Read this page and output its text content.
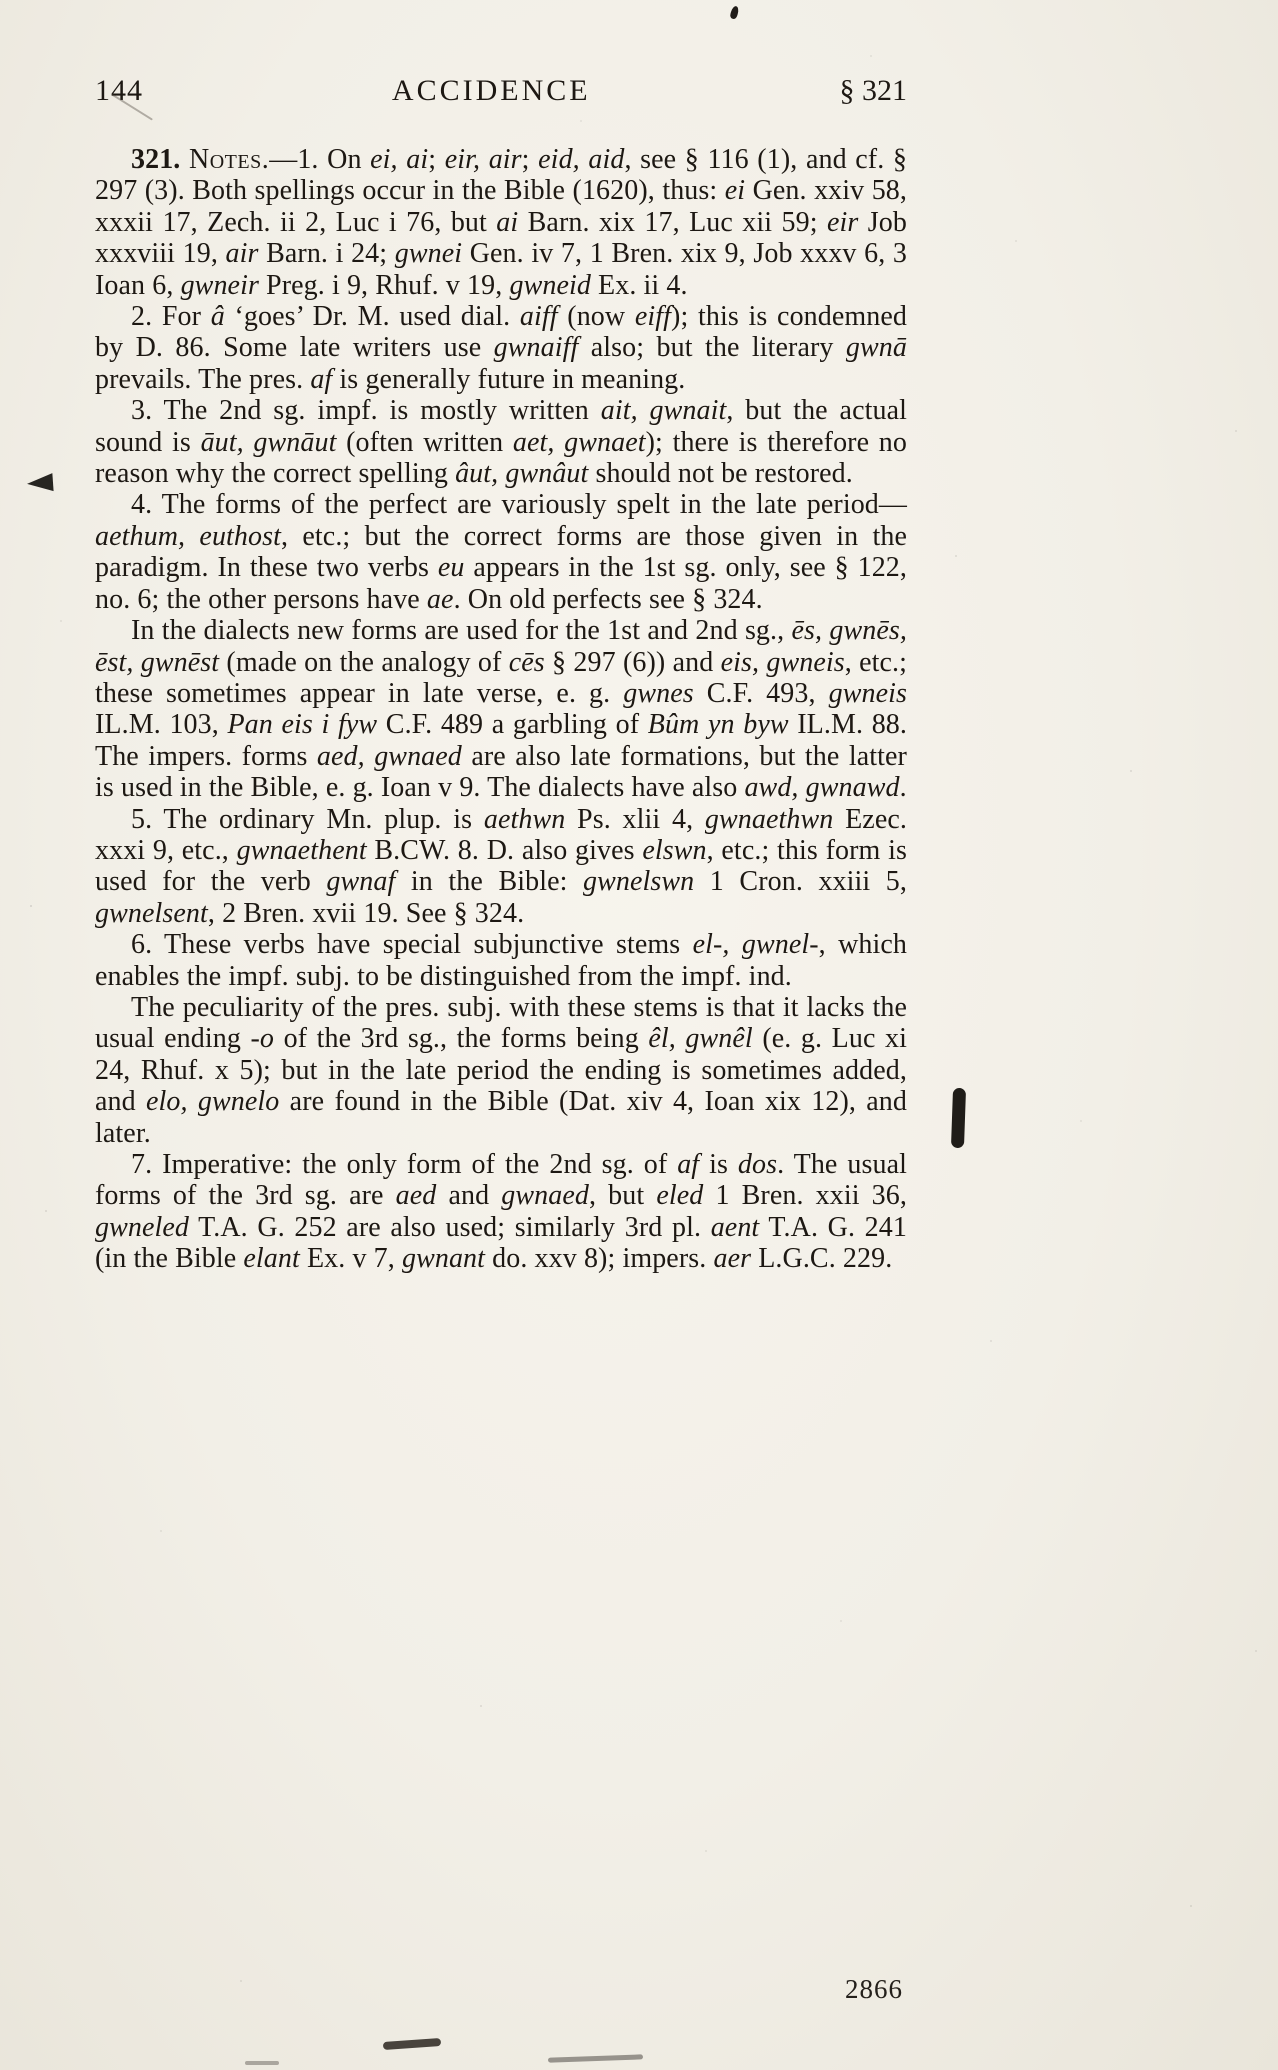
144	ACCIDENCE	§ 321

321. Notes.—1. On ei, ai; eir, air; eid, aid, see § 116 (1), and cf. § 297 (3). Both spellings occur in the Bible (1620), thus: ei Gen. xxiv 58, xxxii 17, Zech. ii 2, Luc i 76, but ai Barn. xix 17, Luc xii 59; eir Job xxxviii 19, air Barn. i 24; gwnei Gen. iv 7, 1 Bren. xix 9, Job xxxv 6, 3 Ioan 6, gwneir Preg. i 9, Rhuf. v 19, gwneid Ex. ii 4.

2. For â ‘goes’ Dr. M. used dial. aiff (now eiff); this is condemned by D. 86. Some late writers use gwnaiff also; but the literary gwnā prevails. The pres. af is generally future in meaning.

3. The 2nd sg. impf. is mostly written ait, gwnait, but the actual sound is āut, gwnāut (often written aet, gwnaet); there is therefore no reason why the correct spelling âut, gwnâut should not be restored.

4. The forms of the perfect are variously spelt in the late period—aethum, euthost, etc.; but the correct forms are those given in the paradigm. In these two verbs eu appears in the 1st sg. only, see § 122, no. 6; the other persons have ae. On old perfects see § 324.

In the dialects new forms are used for the 1st and 2nd sg., ēs, gwnēs, ēst, gwnēst (made on the analogy of cēs § 297 (6)) and eis, gwneis, etc.; these sometimes appear in late verse, e. g. gwnes C.F. 493, gwneis IL.M. 103, Pan eis i fyw C.F. 489 a garbling of Bûm yn byw IL.M. 88. The impers. forms aed, gwnaed are also late formations, but the latter is used in the Bible, e. g. Ioan v 9. The dialects have also awd, gwnawd.

5. The ordinary Mn. plup. is aethwn Ps. xlii 4, gwnaethwn Ezec. xxxi 9, etc., gwnaethent B.CW. 8. D. also gives elswn, etc.; this form is used for the verb gwnaf in the Bible: gwnelswn 1 Cron. xxiii 5, gwnelsent, 2 Bren. xvii 19. See § 324.

6. These verbs have special subjunctive stems el-, gwnel-, which enables the impf. subj. to be distinguished from the impf. ind.

The peculiarity of the pres. subj. with these stems is that it lacks the usual ending -o of the 3rd sg., the forms being êl, gwnêl (e. g. Luc xi 24, Rhuf. x 5); but in the late period the ending is sometimes added, and elo, gwnelo are found in the Bible (Dat. xiv 4, Ioan xix 12), and later.

7. Imperative: the only form of the 2nd sg. of af is dos. The usual forms of the 3rd sg. are aed and gwnaed, but eled 1 Bren. xxii 36, gwneled T.A. G. 252 are also used; similarly 3rd pl. aent T.A. G. 241 (in the Bible elant Ex. v 7, gwnant do. xxv 8); impers. aer L.G.C. 229.

2866
